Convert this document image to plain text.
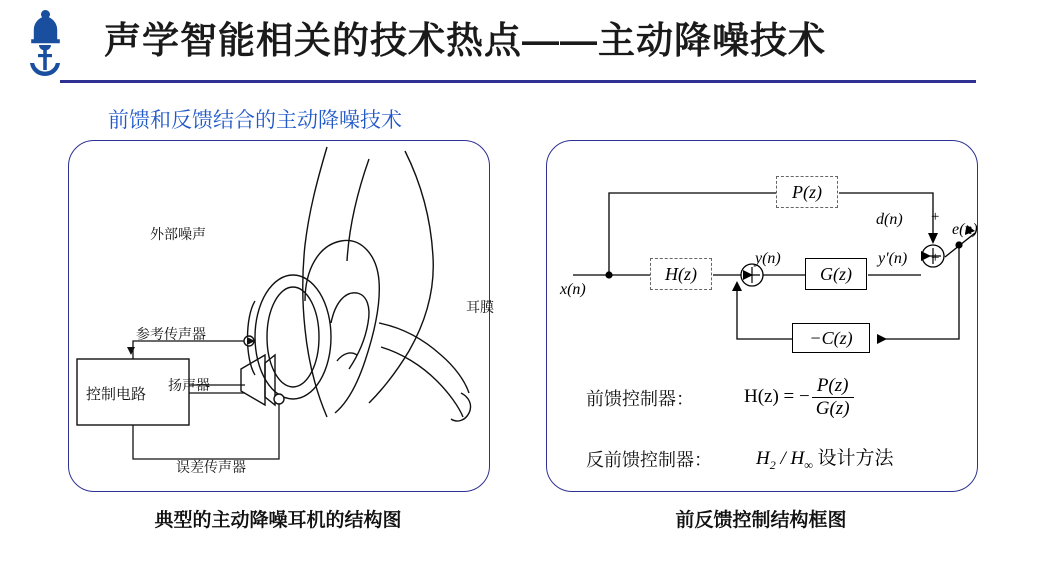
声学智能相关的技术热点——主动降噪技术
前馈和反馈结合的主动降噪技术
外部噪声
参考传声器
扬声器
误差传声器
耳膜
控制电路
典型的主动降噪耳机的结构图
P(z)
H(z)	G(z)
−C(z)
x(n)
d(n)
y(n)	y′(n)
e(n)
+
+
前馈控制器：	H(z) = − $\frac{P(z)}{G(z)}$
反前馈控制器： $H_2 / H_\infty$ 设计方法
前反馈控制结构框图
